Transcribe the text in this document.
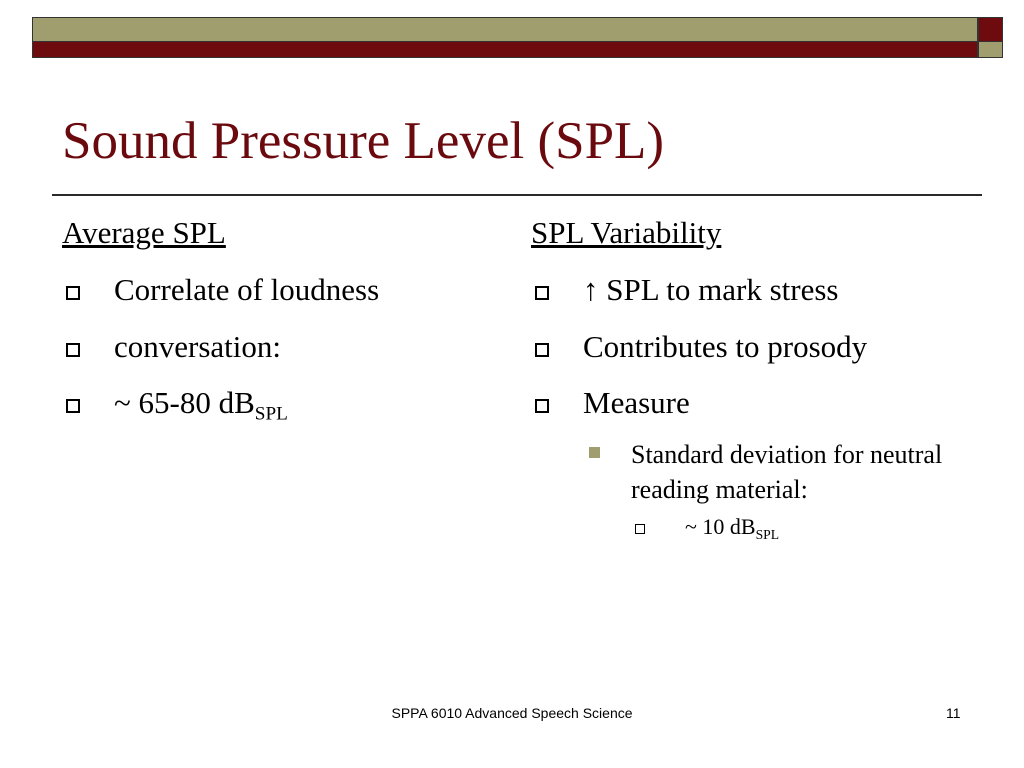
Sound Pressure Level (SPL)
Average SPL
Correlate of loudness
conversation:
~ 65-80 $dB_{SPL}$
SPL Variability
↑ SPL to mark stress
Contributes to prosody
Measure
Standard deviation for neutral reading material:
~ 10 $dB_{SPL}$
SPPA 6010 Advanced Speech Science	11
